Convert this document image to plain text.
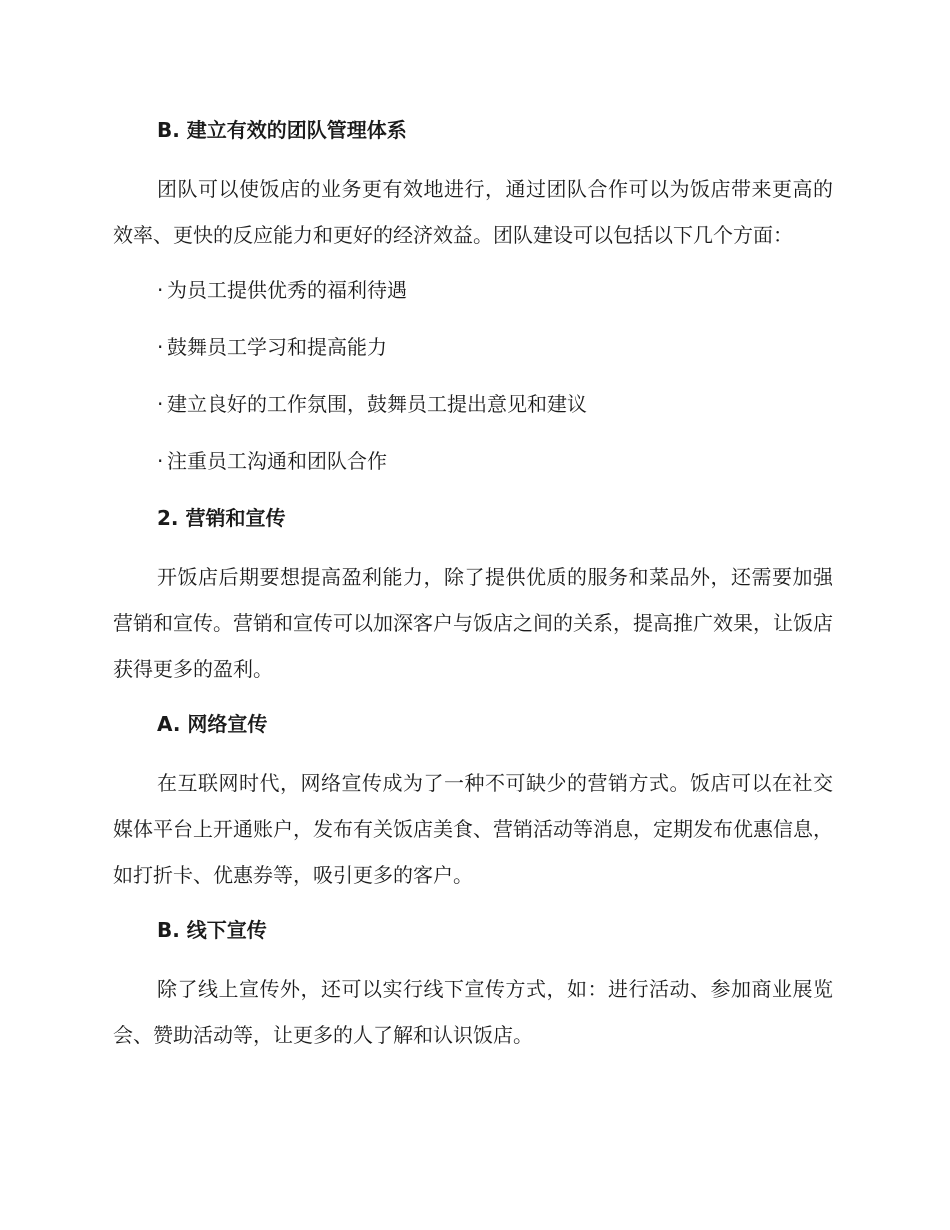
B. 建立有效的团队管理体系

团队可以使饭店的业务更有效地进行，通过团队合作可以为饭店带来更高的效率、更快的反应能力和更好的经济效益。团队建设可以包括以下几个方面：

· 为员工提供优秀的福利待遇
· 鼓舞员工学习和提高能力
· 建立良好的工作氛围，鼓舞员工提出意见和建议
· 注重员工沟通和团队合作
2. 营销和宣传

开饭店后期要想提高盈利能力，除了提供优质的服务和菜品外，还需要加强营销和宣传。营销和宣传可以加深客户与饭店之间的关系，提高推广效果，让饭店获得更多的盈利。

A. 网络宣传

在互联网时代，网络宣传成为了一种不可缺少的营销方式。饭店可以在社交媒体平台上开通账户，发布有关饭店美食、营销活动等消息，定期发布优惠信息，如打折卡、优惠券等，吸引更多的客户。

B. 线下宣传

除了线上宣传外，还可以实行线下宣传方式，如：进行活动、参加商业展览会、赞助活动等，让更多的人了解和认识饭店。
